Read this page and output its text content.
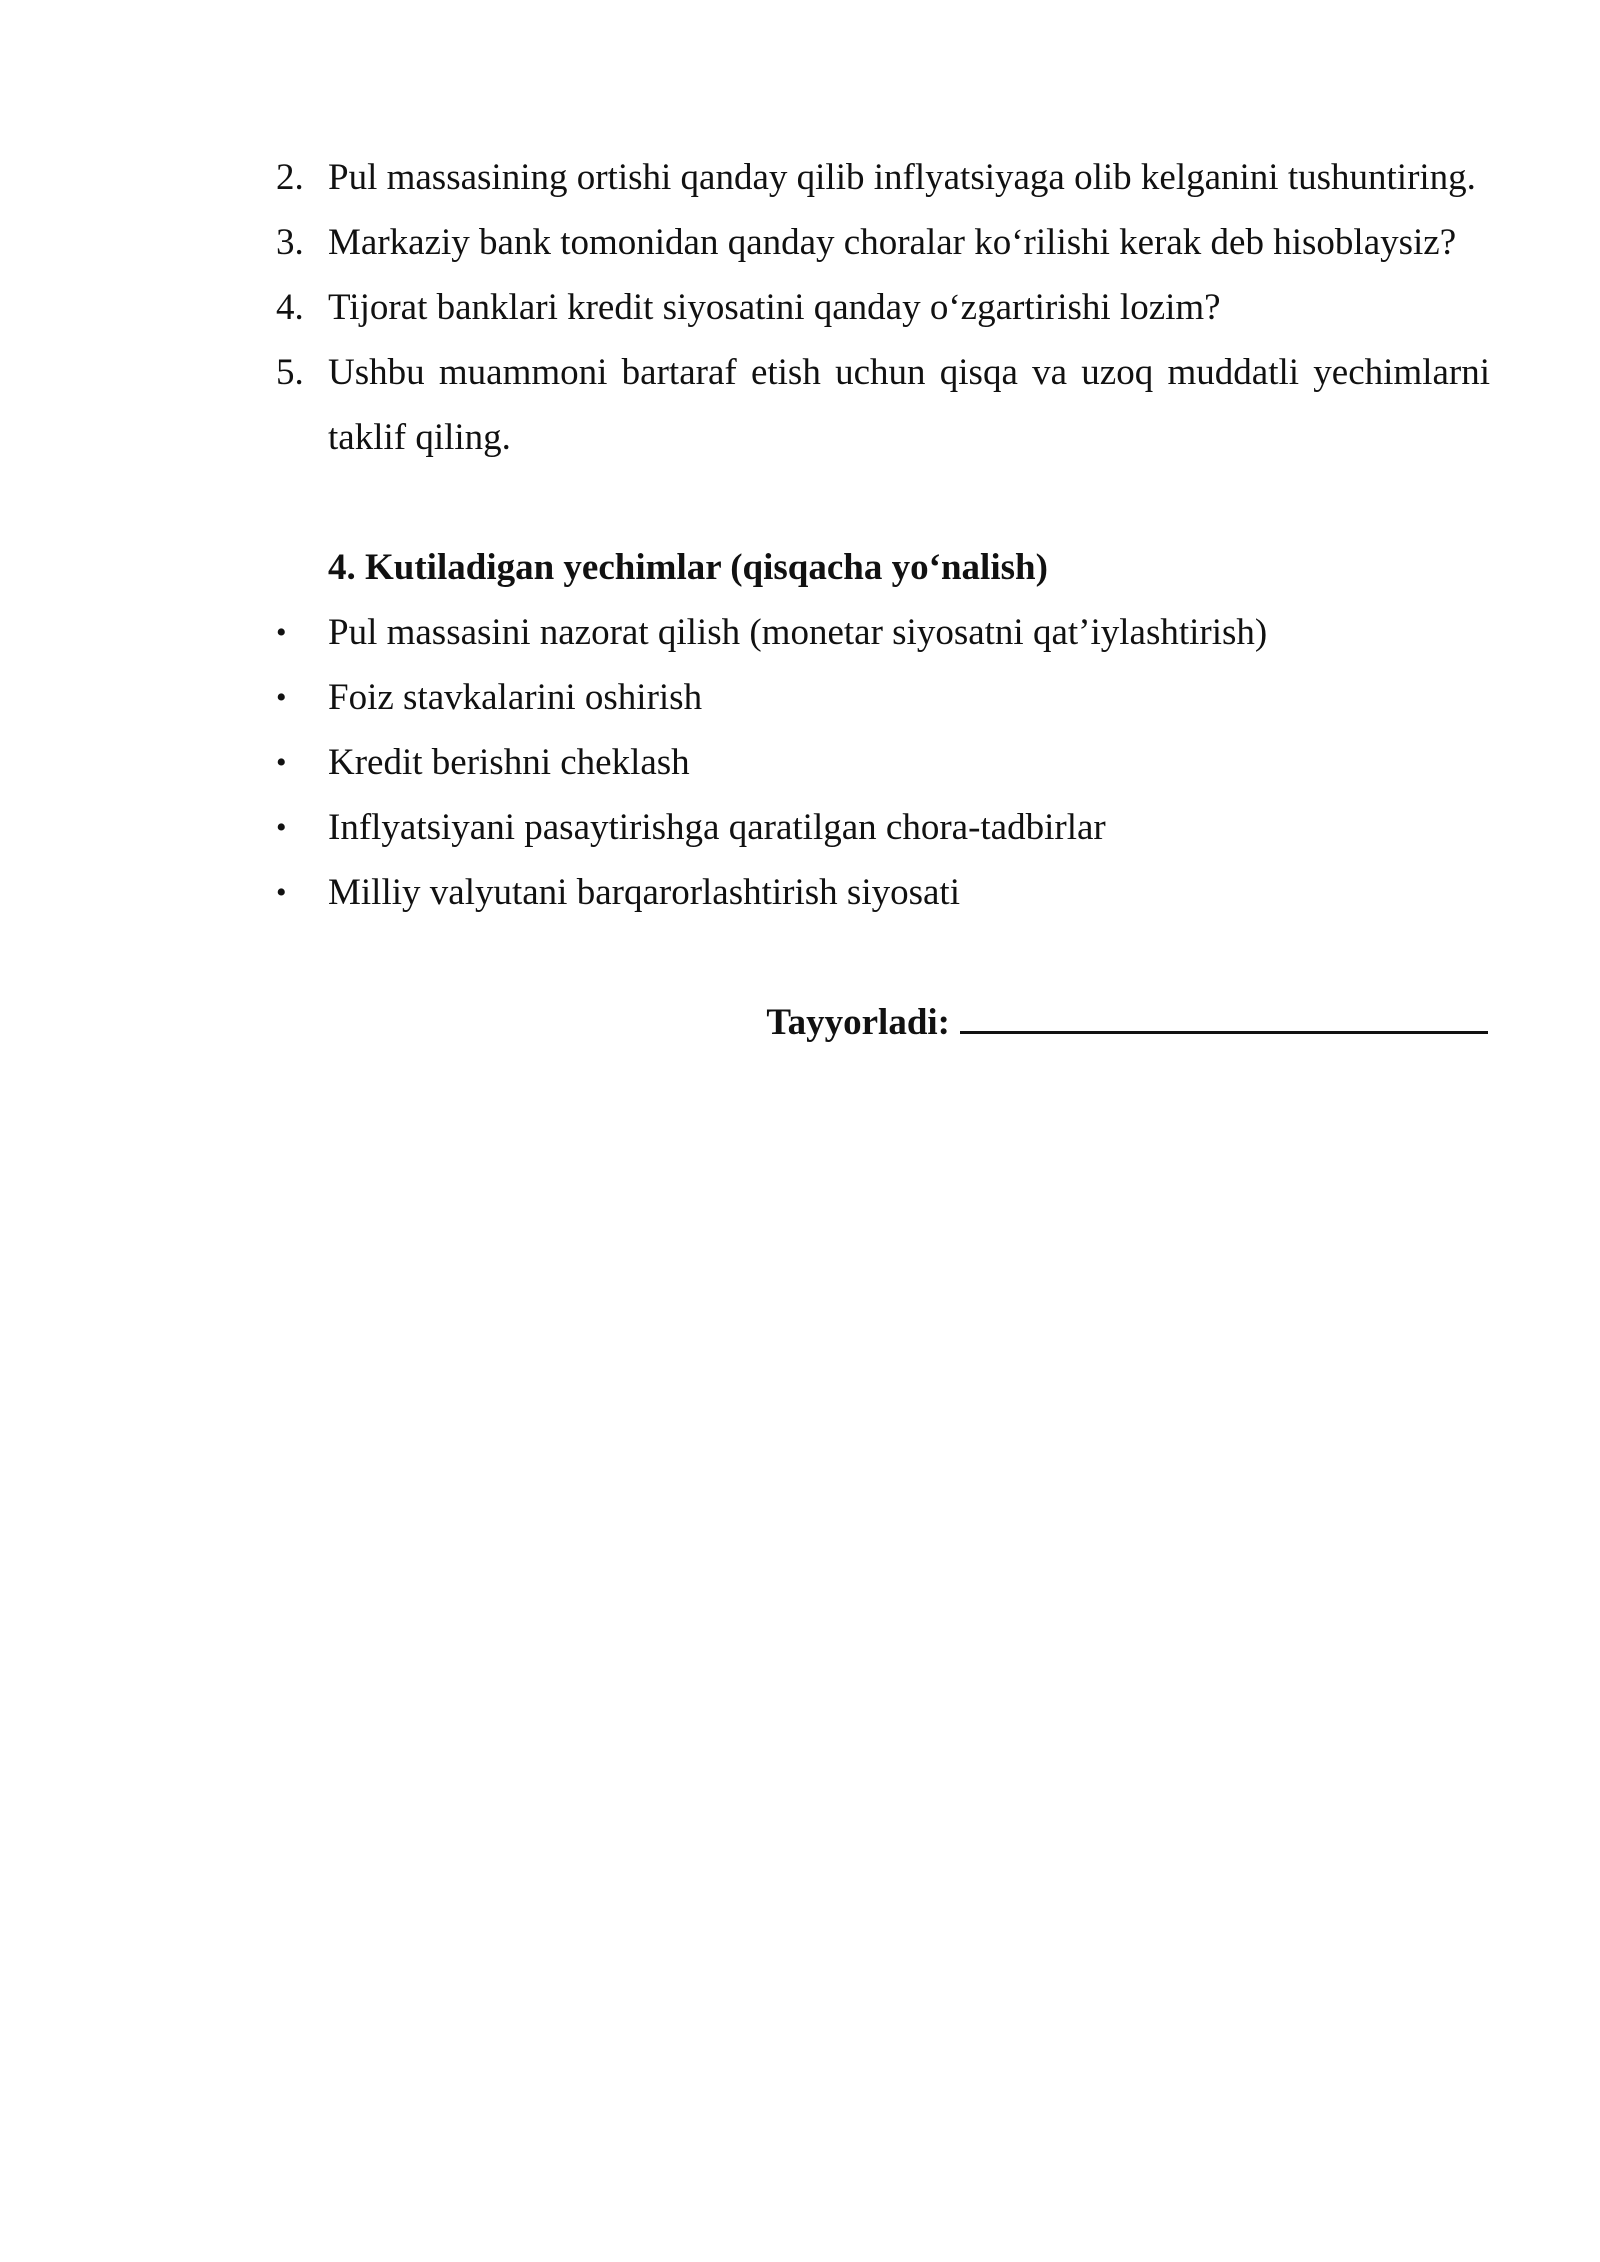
2. Pul massasining ortishi qanday qilib inflyatsiyaga olib kelganini tushuntiring.

3. Markaziy bank tomonidan qanday choralar ko‘rilishi kerak deb hisoblaysiz?

4. Tijorat banklari kredit siyosatini qanday o‘zgartirishi lozim?

5. Ushbu muammoni bartaraf etish uchun qisqa va uzoq muddatli yechimlarni taklif qiling.

4. Kutiladigan yechimlar (qisqacha yo‘nalish)

•	Pul massasini nazorat qilish (monetar siyosatni qat’iylashtirish)

•	Foiz stavkalarini oshirish

•	Kredit berishni cheklash

•	Inflyatsiyani pasaytirishga qaratilgan chora-tadbirlar

•	Milliy valyutani barqarorlashtirish siyosati

Tayyorladi:
